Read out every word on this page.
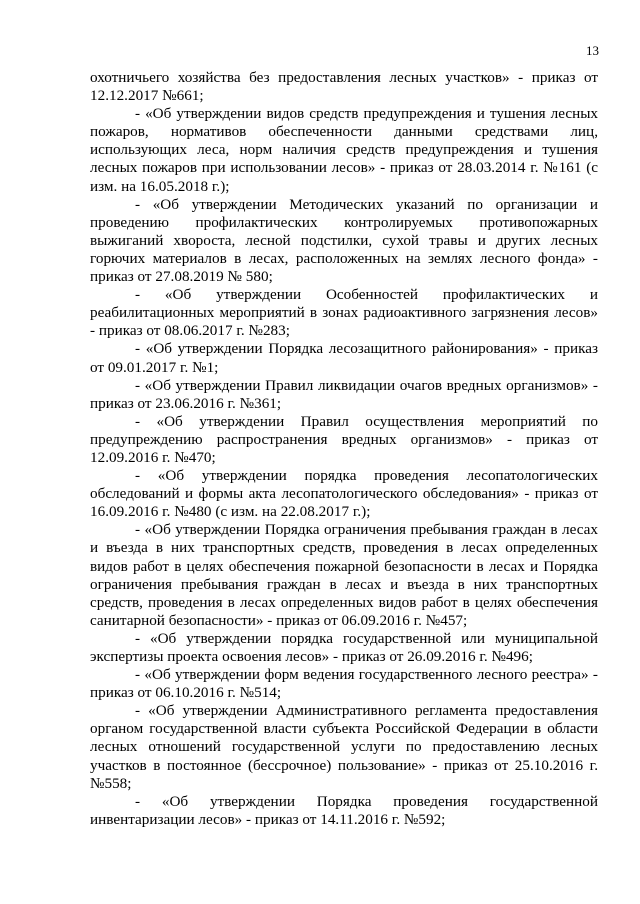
13

охотничьего хозяйства без предоставления лесных участков» - приказ от 12.12.2017 №661;

- «Об утверждении видов средств предупреждения и тушения лесных пожаров, нормативов обеспеченности данными средствами лиц, использующих леса, норм наличия средств предупреждения и тушения лесных пожаров при использовании лесов» - приказ от 28.03.2014 г. №161 (с изм. на 16.05.2018 г.);

- «Об утверждении Методических указаний по организации и проведению профилактических контролируемых противопожарных выжиганий хвороста, лесной подстилки, сухой травы и других лесных горючих материалов в лесах, расположенных на землях лесного фонда» - приказ от 27.08.2019 № 580;

- «Об утверждении Особенностей профилактических и реабилитационных мероприятий в зонах радиоактивного загрязнения лесов» - приказ от 08.06.2017 г. №283;

- «Об утверждении Порядка лесозащитного районирования» - приказ от 09.01.2017 г. №1;

- «Об утверждении Правил ликвидации очагов вредных организмов» - приказ от 23.06.2016 г. №361;

- «Об утверждении Правил осуществления мероприятий по предупреждению распространения вредных организмов» - приказ от 12.09.2016 г. №470;

- «Об утверждении порядка проведения лесопатологических обследований и формы акта лесопатологического обследования» - приказ от 16.09.2016 г. №480 (с изм. на 22.08.2017 г.);

- «Об утверждении Порядка ограничения пребывания граждан в лесах и въезда в них транспортных средств, проведения в лесах определенных видов работ в целях обеспечения пожарной безопасности в лесах и Порядка ограничения пребывания граждан в лесах и въезда в них транспортных средств, проведения в лесах определенных видов работ в целях обеспечения санитарной безопасности» - приказ от 06.09.2016 г. №457;

- «Об утверждении порядка государственной или муниципальной экспертизы проекта освоения лесов» - приказ от 26.09.2016 г. №496;

- «Об утверждении форм ведения государственного лесного реестра» - приказ от 06.10.2016 г. №514;

- «Об утверждении Административного регламента предоставления органом государственной власти субъекта Российской Федерации в области лесных отношений государственной услуги по предоставлению лесных участков в постоянное (бессрочное) пользование» - приказ от 25.10.2016 г. №558;

- «Об утверждении Порядка проведения государственной инвентаризации лесов» - приказ от 14.11.2016 г. №592;
